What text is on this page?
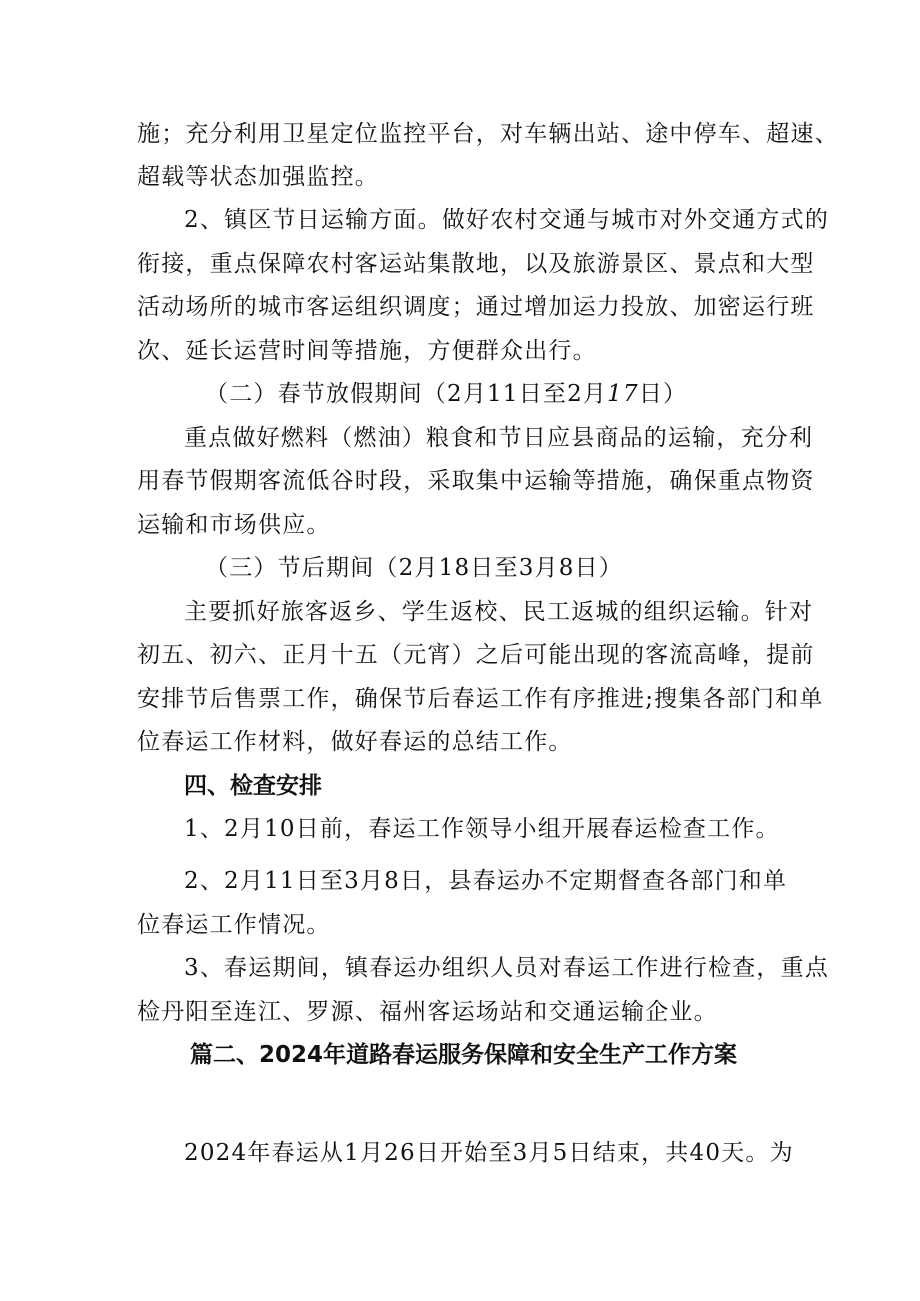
施；充分利用卫星定位监控平台，对车辆出站、途中停车、超速、
超载等状态加强监控。
2、镇区节日运输方面。做好农村交通与城市对外交通方式的
衔接，重点保障农村客运站集散地，以及旅游景区、景点和大型
活动场所的城市客运组织调度；通过增加运力投放、加密运行班
次、延长运营时间等措施，方便群众出行。
（二）春节放假期间（2月11日至2月17日）
重点做好燃料（燃油）粮食和节日应县商品的运输，充分利
用春节假期客流低谷时段，采取集中运输等措施，确保重点物资
运输和市场供应。
（三）节后期间（2月18日至3月8日）
主要抓好旅客返乡、学生返校、民工返城的组织运输。针对
初五、初六、正月十五（元宵）之后可能出现的客流高峰，提前
安排节后售票工作，确保节后春运工作有序推进;搜集各部门和单
位春运工作材料，做好春运的总结工作。
四、检查安排
1、2月10日前，春运工作领导小组开展春运检查工作。
2、2月11日至3月8日，县春运办不定期督查各部门和单
位春运工作情况。
3、春运期间，镇春运办组织人员对春运工作进行检查，重点
检丹阳至连江、罗源、福州客运场站和交通运输企业。
篇二、2024年道路春运服务保障和安全生产工作方案
2024年春运从1月26日开始至3月5日结束，共40天。为
